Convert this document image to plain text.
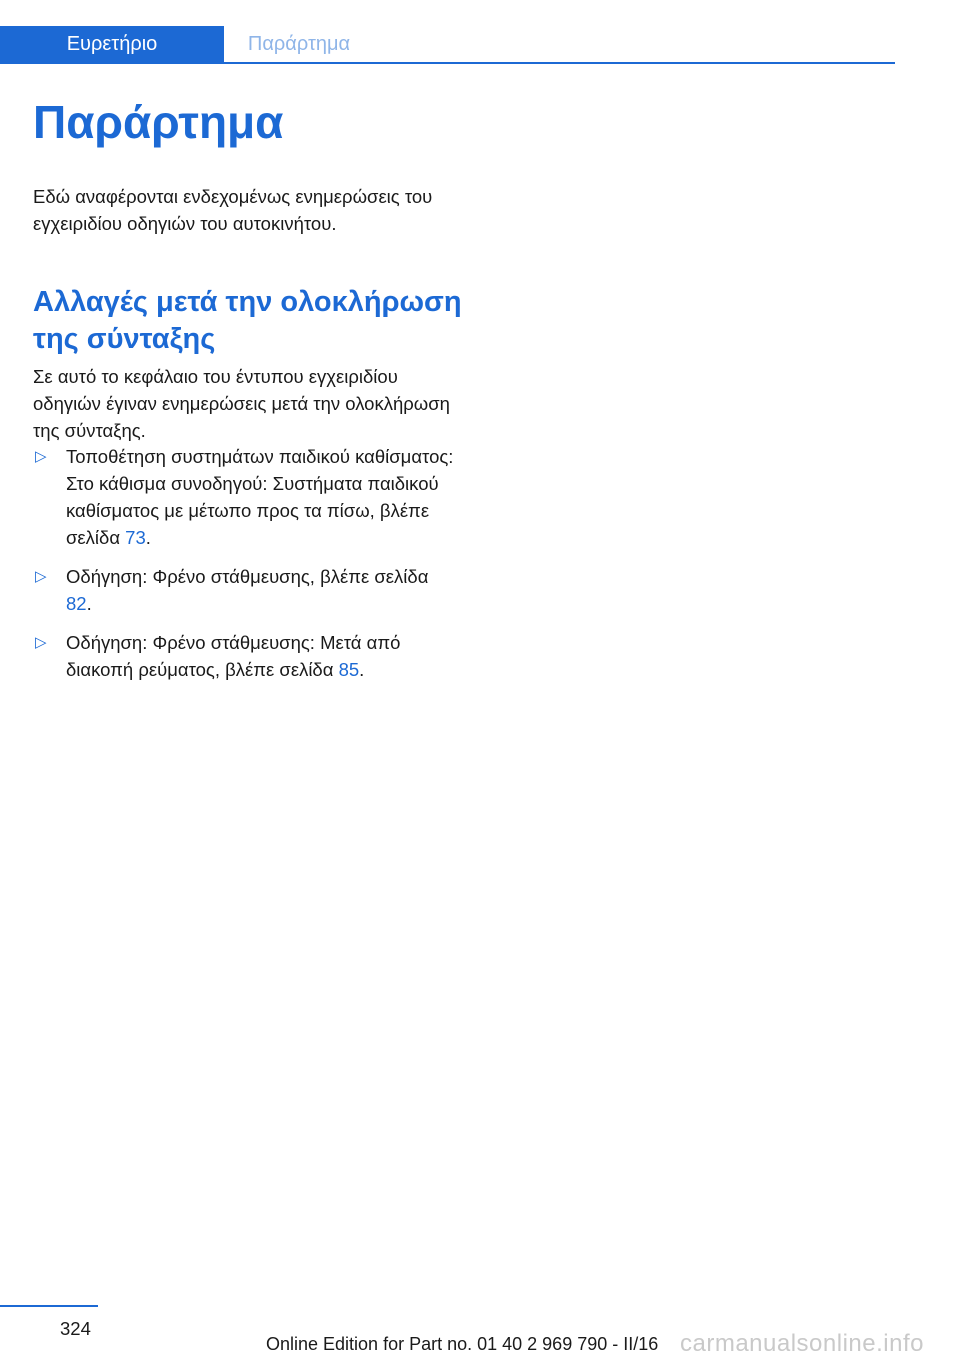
Ευρετήριο	Παράρτημα
Παράρτημα

Εδώ αναφέρονται ενδεχομένως ενημερώσεις του εγχειριδίου οδηγιών του αυτοκινήτου.

Αλλαγές μετά την ολοκλήρωση της σύνταξης

Σε αυτό το κεφάλαιο του έντυπου εγχειριδίου οδηγιών έγιναν ενημερώσεις μετά την ολοκλήρωση της σύνταξης.

▷ Τοποθέτηση συστημάτων παιδικού καθίσματος: Στο κάθισμα συνοδηγού: Συστήματα παιδικού καθίσματος με μέτωπο προς τα πίσω, βλέπε σελίδα 73.
▷ Οδήγηση: Φρένο στάθμευσης, βλέπε σελίδα 82.
▷ Οδήγηση: Φρένο στάθμευσης: Μετά από διακοπή ρεύματος, βλέπε σελίδα 85.
324
Online Edition for Part no. 01 40 2 969 790 - II/16 carmanualsonline.info
